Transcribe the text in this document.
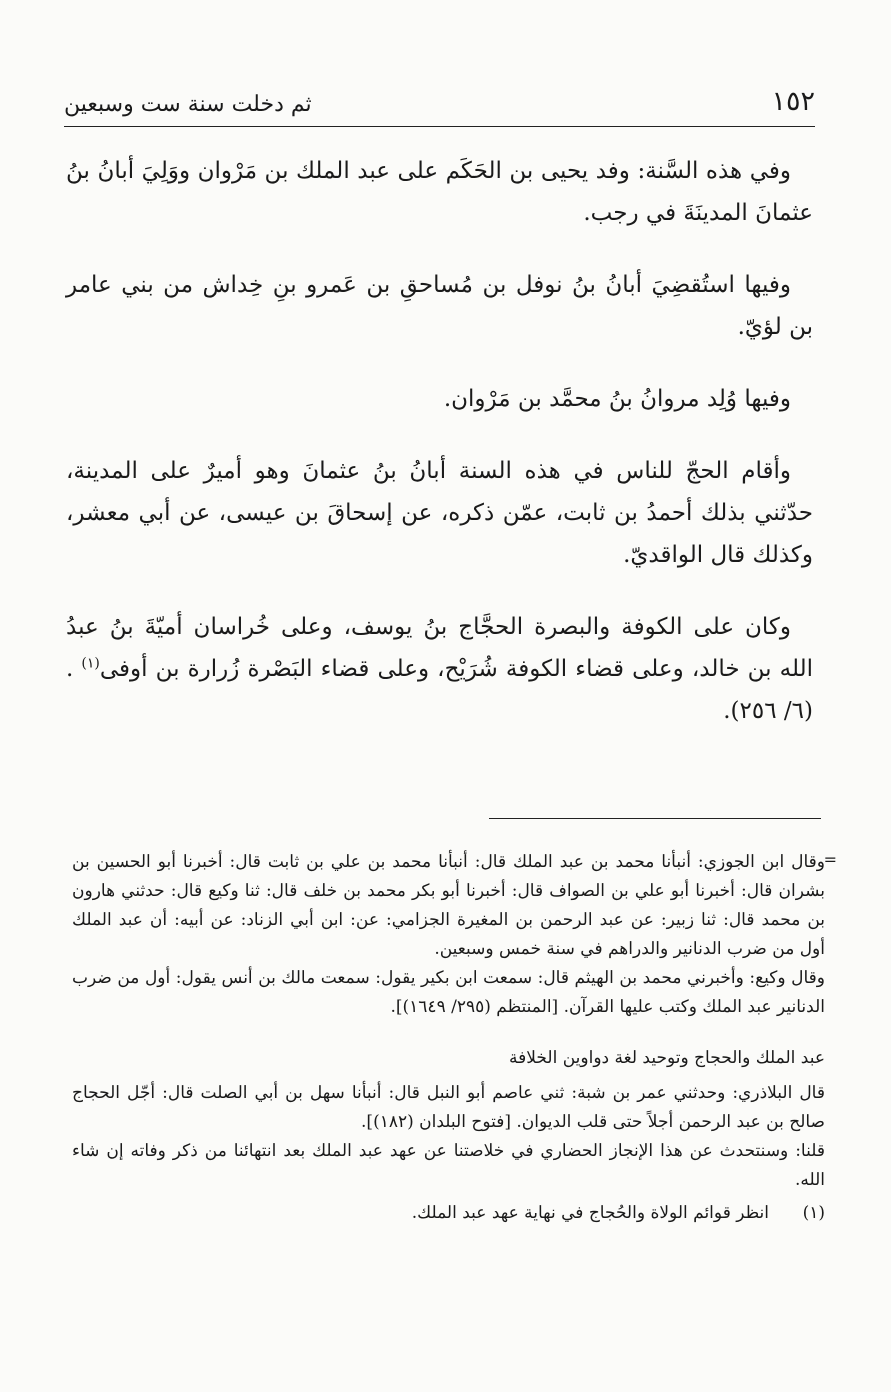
١٥٢
ثم دخلت سنة ست وسبعين

وفي هذه السَّنة: وفد يحيى بن الحَكَم على عبد الملك بن مَرْوان ووَلِيَ أبانُ بنُ عثمانَ المدينَةَ في رجب.

وفيها استُقضِيَ أبانُ بنُ نوفل بن مُساحقِ بن عَمرو بنِ خِداش من بني عامر بن لؤيّ.

وفيها وُلِد مروانُ بنُ محمَّد بن مَرْوان.

وأقام الحجّ للناس في هذه السنة أبانُ بنُ عثمانَ وهو أميرٌ على المدينة، حدّثني بذلك أحمدُ بن ثابت، عمّن ذكره، عن إسحاقَ بن عيسى، عن أبي معشر، وكذلك قال الواقديّ.

وكان على الكوفة والبصرة الحجَّاج بنُ يوسف، وعلى خُراسان أميّةَ بنُ عبدُ الله بن خالد، وعلى قضاء الكوفة شُرَيْح، وعلى قضاء البَصْرة زُرارة بن أوفى$^{(١)}$ . (٦/ ٢٥٦).

=

وقال ابن الجوزي: أنبأنا محمد بن عبد الملك قال: أنبأنا محمد بن علي بن ثابت قال: أخبرنا أبو الحسين بن بشران قال: أخبرنا أبو علي بن الصواف قال: أخبرنا أبو بكر محمد بن خلف قال: ثنا وكيع قال: حدثني هارون بن محمد قال: ثنا زبير: عن عبد الرحمن بن المغيرة الجزامي: عن: ابن أبي الزناد: عن أبيه: أن عبد الملك أول من ضرب الدنانير والدراهم في سنة خمس وسبعين.

وقال وكيع: وأخبرني محمد بن الهيثم قال: سمعت ابن بكير يقول: سمعت مالك بن أنس يقول: أول من ضرب الدنانير عبد الملك وكتب عليها القرآن. [المنتظم (٢٩٥/ ١٦٤٩)].

عبد الملك والحجاج وتوحيد لغة دواوين الخلافة

قال البلاذري: وحدثني عمر بن شبة: ثني عاصم أبو النبل قال: أنبأنا سهل بن أبي الصلت قال: أجّل الحجاج صالح بن عبد الرحمن أجلاً حتى قلب الديوان. [فتوح البلدان (١٨٢)].

قلنا: وسنتحدث عن هذا الإنجاز الحضاري في خلاصتنا عن عهد عبد الملك بعد انتهائنا من ذكر وفاته إن شاء الله.

(١)
انظر قوائم الولاة والحُجاج في نهاية عهد عبد الملك.
